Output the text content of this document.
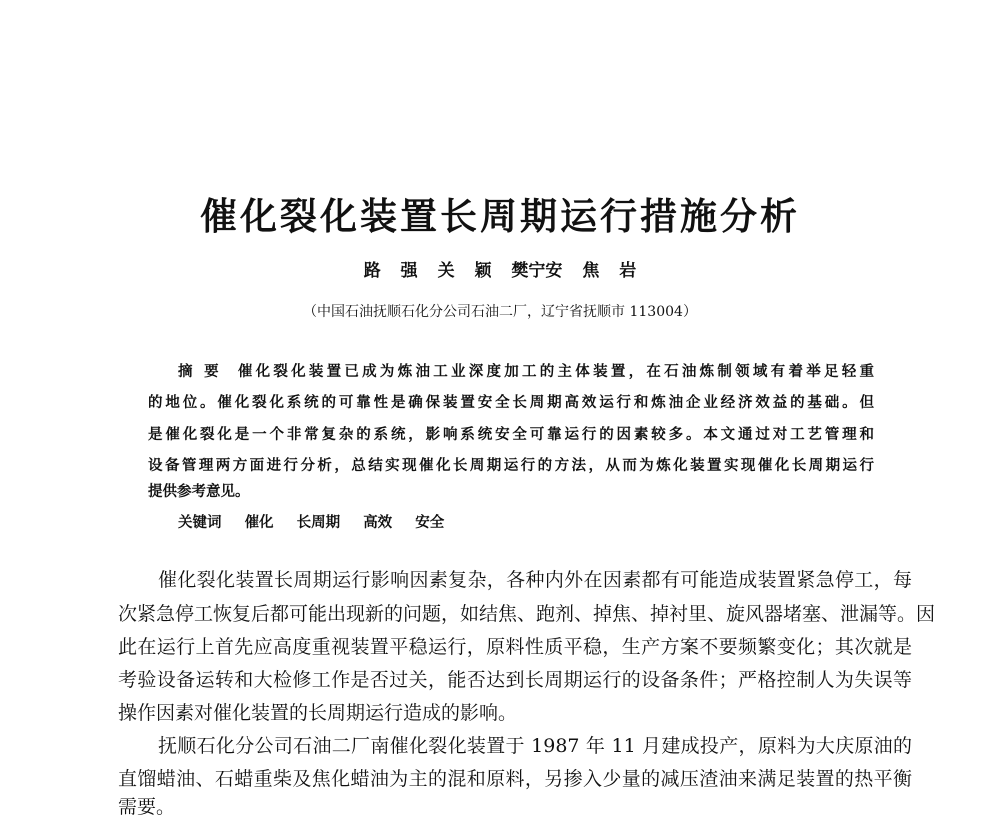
催化裂化装置长周期运行措施分析
路 强 关 颖 樊宁安 焦 岩
（中国石油抚顺石化分公司石油二厂，辽宁省抚顺市 113004）
摘 要 催化裂化装置已成为炼油工业深度加工的主体装置，在石油炼制领域有着举足轻重
的地位。催化裂化系统的可靠性是确保装置安全长周期高效运行和炼油企业经济效益的基础。但
是催化裂化是一个非常复杂的系统，影响系统安全可靠运行的因素较多。本文通过对工艺管理和
设备管理两方面进行分析，总结实现催化长周期运行的方法，从而为炼化装置实现催化长周期运行
提供参考意见。
关键词 催化 长周期 高效 安全
催化裂化装置长周期运行影响因素复杂，各种内外在因素都有可能造成装置紧急停工，每
次紧急停工恢复后都可能出现新的问题，如结焦、跑剂、掉焦、掉衬里、旋风器堵塞、泄漏等。因
此在运行上首先应高度重视装置平稳运行，原料性质平稳，生产方案不要频繁变化；其次就是
考验设备运转和大检修工作是否过关，能否达到长周期运行的设备条件；严格控制人为失误等
操作因素对催化装置的长周期运行造成的影响。
抚顺石化分公司石油二厂南催化裂化装置于 1987 年 11 月建成投产，原料为大庆原油的
直馏蜡油、石蜡重柴及焦化蜡油为主的混和原料，另掺入少量的减压渣油来满足装置的热平衡
需要。
